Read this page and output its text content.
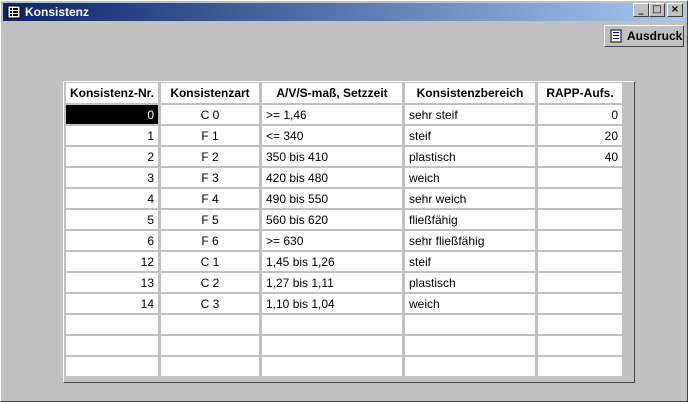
Konsistenz	_ □ ×
Ausdruck
Konsistenz-Nr.	Konsistenzart	A/V/S-maß, Setzzeit	Konsistenzbereich	RAPP-Aufs.
0	C 0	>= 1,46	sehr steif	0
1	F 1	<= 340	steif	20
2	F 2	350 bis 410	plastisch	40
3	F 3	420 bis 480	weich	
4	F 4	490 bis 550	sehr weich	
5	F 5	560 bis 620	fließfähig	
6	F 6	>= 630	sehr fließfähig	
12	C 1	1,45 bis 1,26	steif	
13	C 2	1,27 bis 1,11	plastisch	
14	C 3	1,10 bis 1,04	weich	
